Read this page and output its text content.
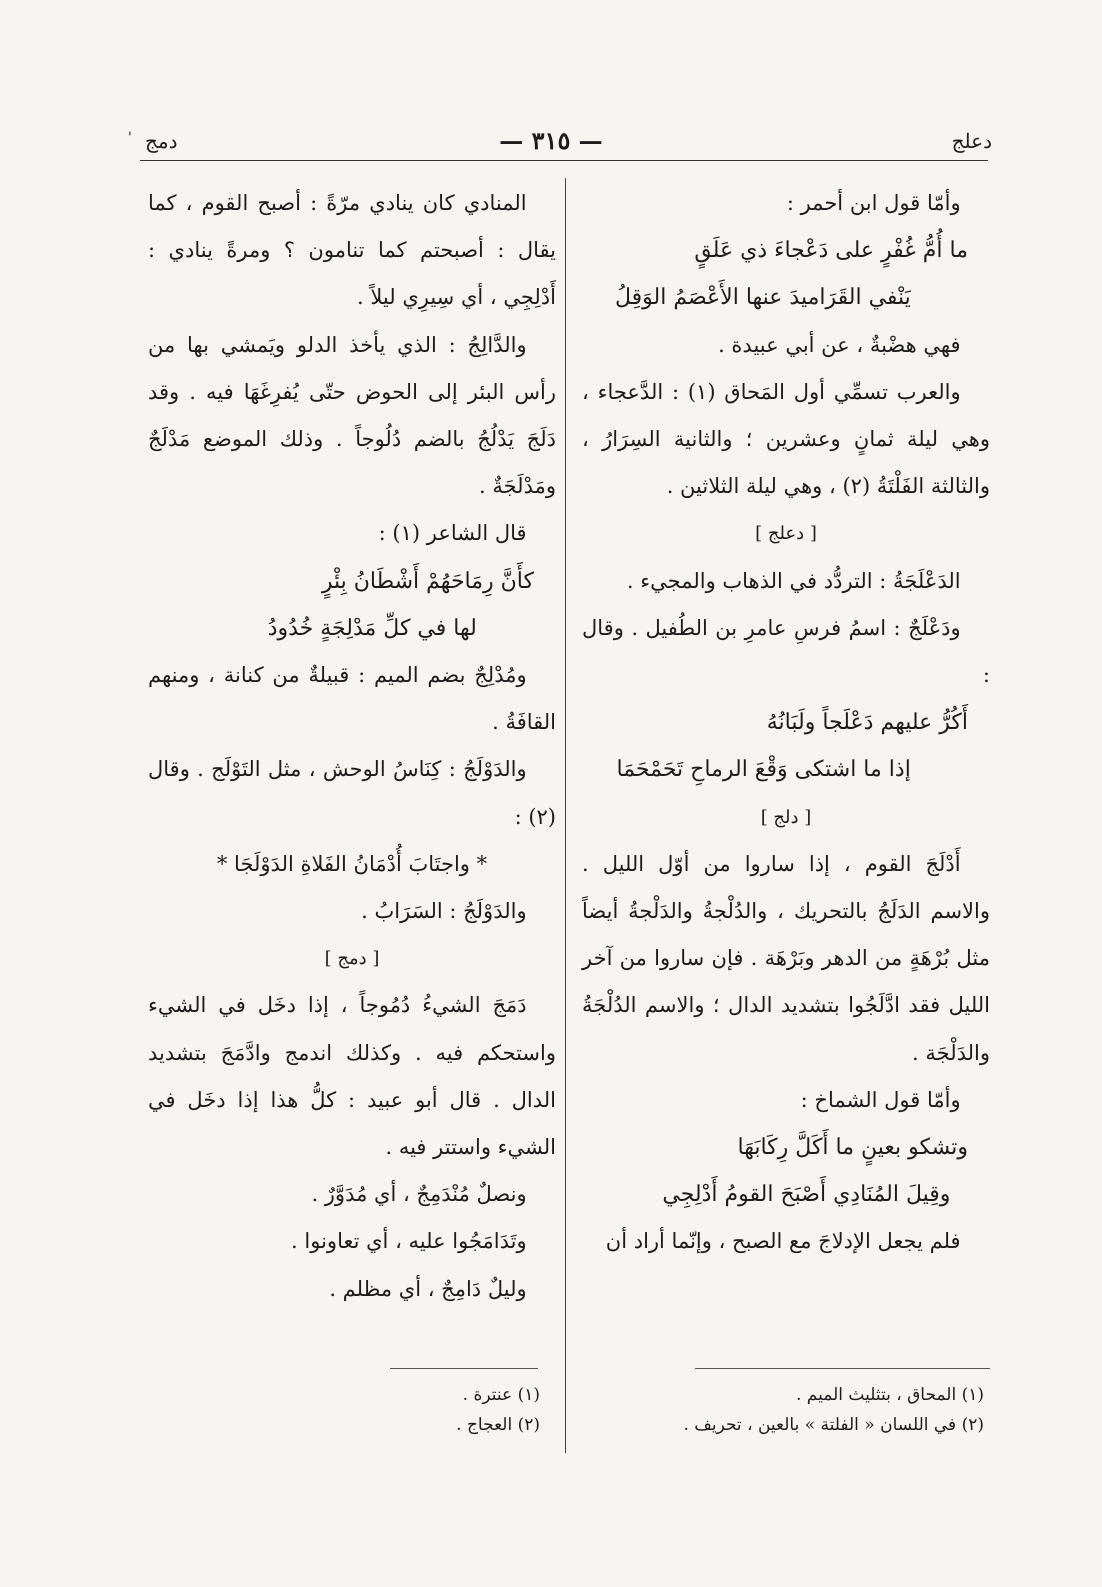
'	دعلج
— ٣١٥ —
دمج
وأمّا قول ابن أحمر :
ما أُمُّ غُفْرٍ على دَعْجاءَ ذي عَلَقٍ
يَنْفي القَرَاميدَ عنها الأَعْصَمُ الوَقِلُ
فهي هضْبةٌ ، عن أبي عبيدة .
والعرب تسمِّي أول المَحاق (١) : الدَّعجاء ، وهي ليلة ثمانٍ وعشرين ؛ والثانية السِرَارُ ، والثالثة الفَلْتَةُ (٢) ، وهي ليلة الثلاثين .
[ دعلج ]
الدَعْلَجَةُ : التردُّد في الذهاب والمجيء .
ودَعْلَجٌ : اسمُ فرسِ عامرِ بن الطُفيل . وقال :
أَكُرُّ عليهم دَعْلَجاً ولَبَانُهُ
إذا ما اشتكى وَقْعَ الرماحِ تَحَمْحَمَا
[ دلج ]
أَدْلَجَ القوم ، إذا ساروا من أوّل الليل . والاسم الدَلَجُ بالتحريك ، والدُلْجةُ والدَلْجةُ أيضاً مثل بُرْهَةٍ من الدهر وبَرْهَة . فإن ساروا من آخر الليل فقد ادَّلَجُوا بتشديد الدال ؛ والاسم الدُلْجَةُ والدَلْجَة .
وأمّا قول الشماخ :
وتشكو بعينٍ ما أَكَلَّ رِكَابَهَا
وقِيلَ المُنَادِي أَصْبَحَ القومُ أَدْلِجِي
فلم يجعل الإدلاجَ مع الصبح ، وإنّما أراد أن
المنادي كان ينادي مرّةً : أصبح القوم ، كما يقال : أصبحتم كما تنامون ؟ ومرةً ينادي : أَدْلِجِي ، أي سِيرِي ليلاً .
والدَّالِجُ : الذي يأخذ الدلو ويَمشي بها من رأس البئر إلى الحوض حتّى يُفرِغَهَا فيه . وقد دَلَجَ يَدْلُجُ بالضم دُلُوجاً . وذلك الموضع مَدْلَجٌ ومَدْلَجَةٌ .
قال الشاعر (١) :
كأَنَّ رِمَاحَهُمْ أَشْطَانُ بِئْرٍ
لها في كلِّ مَدْلِجَةٍ خُدُودُ
ومُدْلِجٌ بضم الميم : قبيلةٌ من كنانة ، ومنهم القافَةُ .
والدَوْلَجُ : كِنَاسُ الوحش ، مثل التَوْلَج . وقال (٢) :
* واجتَابَ أُدْمَانُ الفَلاةِ الدَوْلَجَا *
والدَوْلَجُ : السَرَابُ .
[ دمج ]
دَمَجَ الشيءُ دُمُوجاً ، إذا دخَل في الشيء واستحكم فيه . وكذلك اندمج وادَّمَجَ بتشديد الدال . قال أبو عبيد : كلُّ هذا إذا دخَل في الشيء واستتر فيه .
ونصلٌ مُنْدَمِجٌ ، أي مُدَوَّرٌ .
وتَدَامَجُوا عليه ، أي تعاونوا .
وليلٌ دَامِجٌ ، أي مظلم .
(١) المحاق ، بتثليث الميم .
(٢) في اللسان « الفلتة » بالعين ، تحريف .
(١) عنترة .
(٢) العجاج .
